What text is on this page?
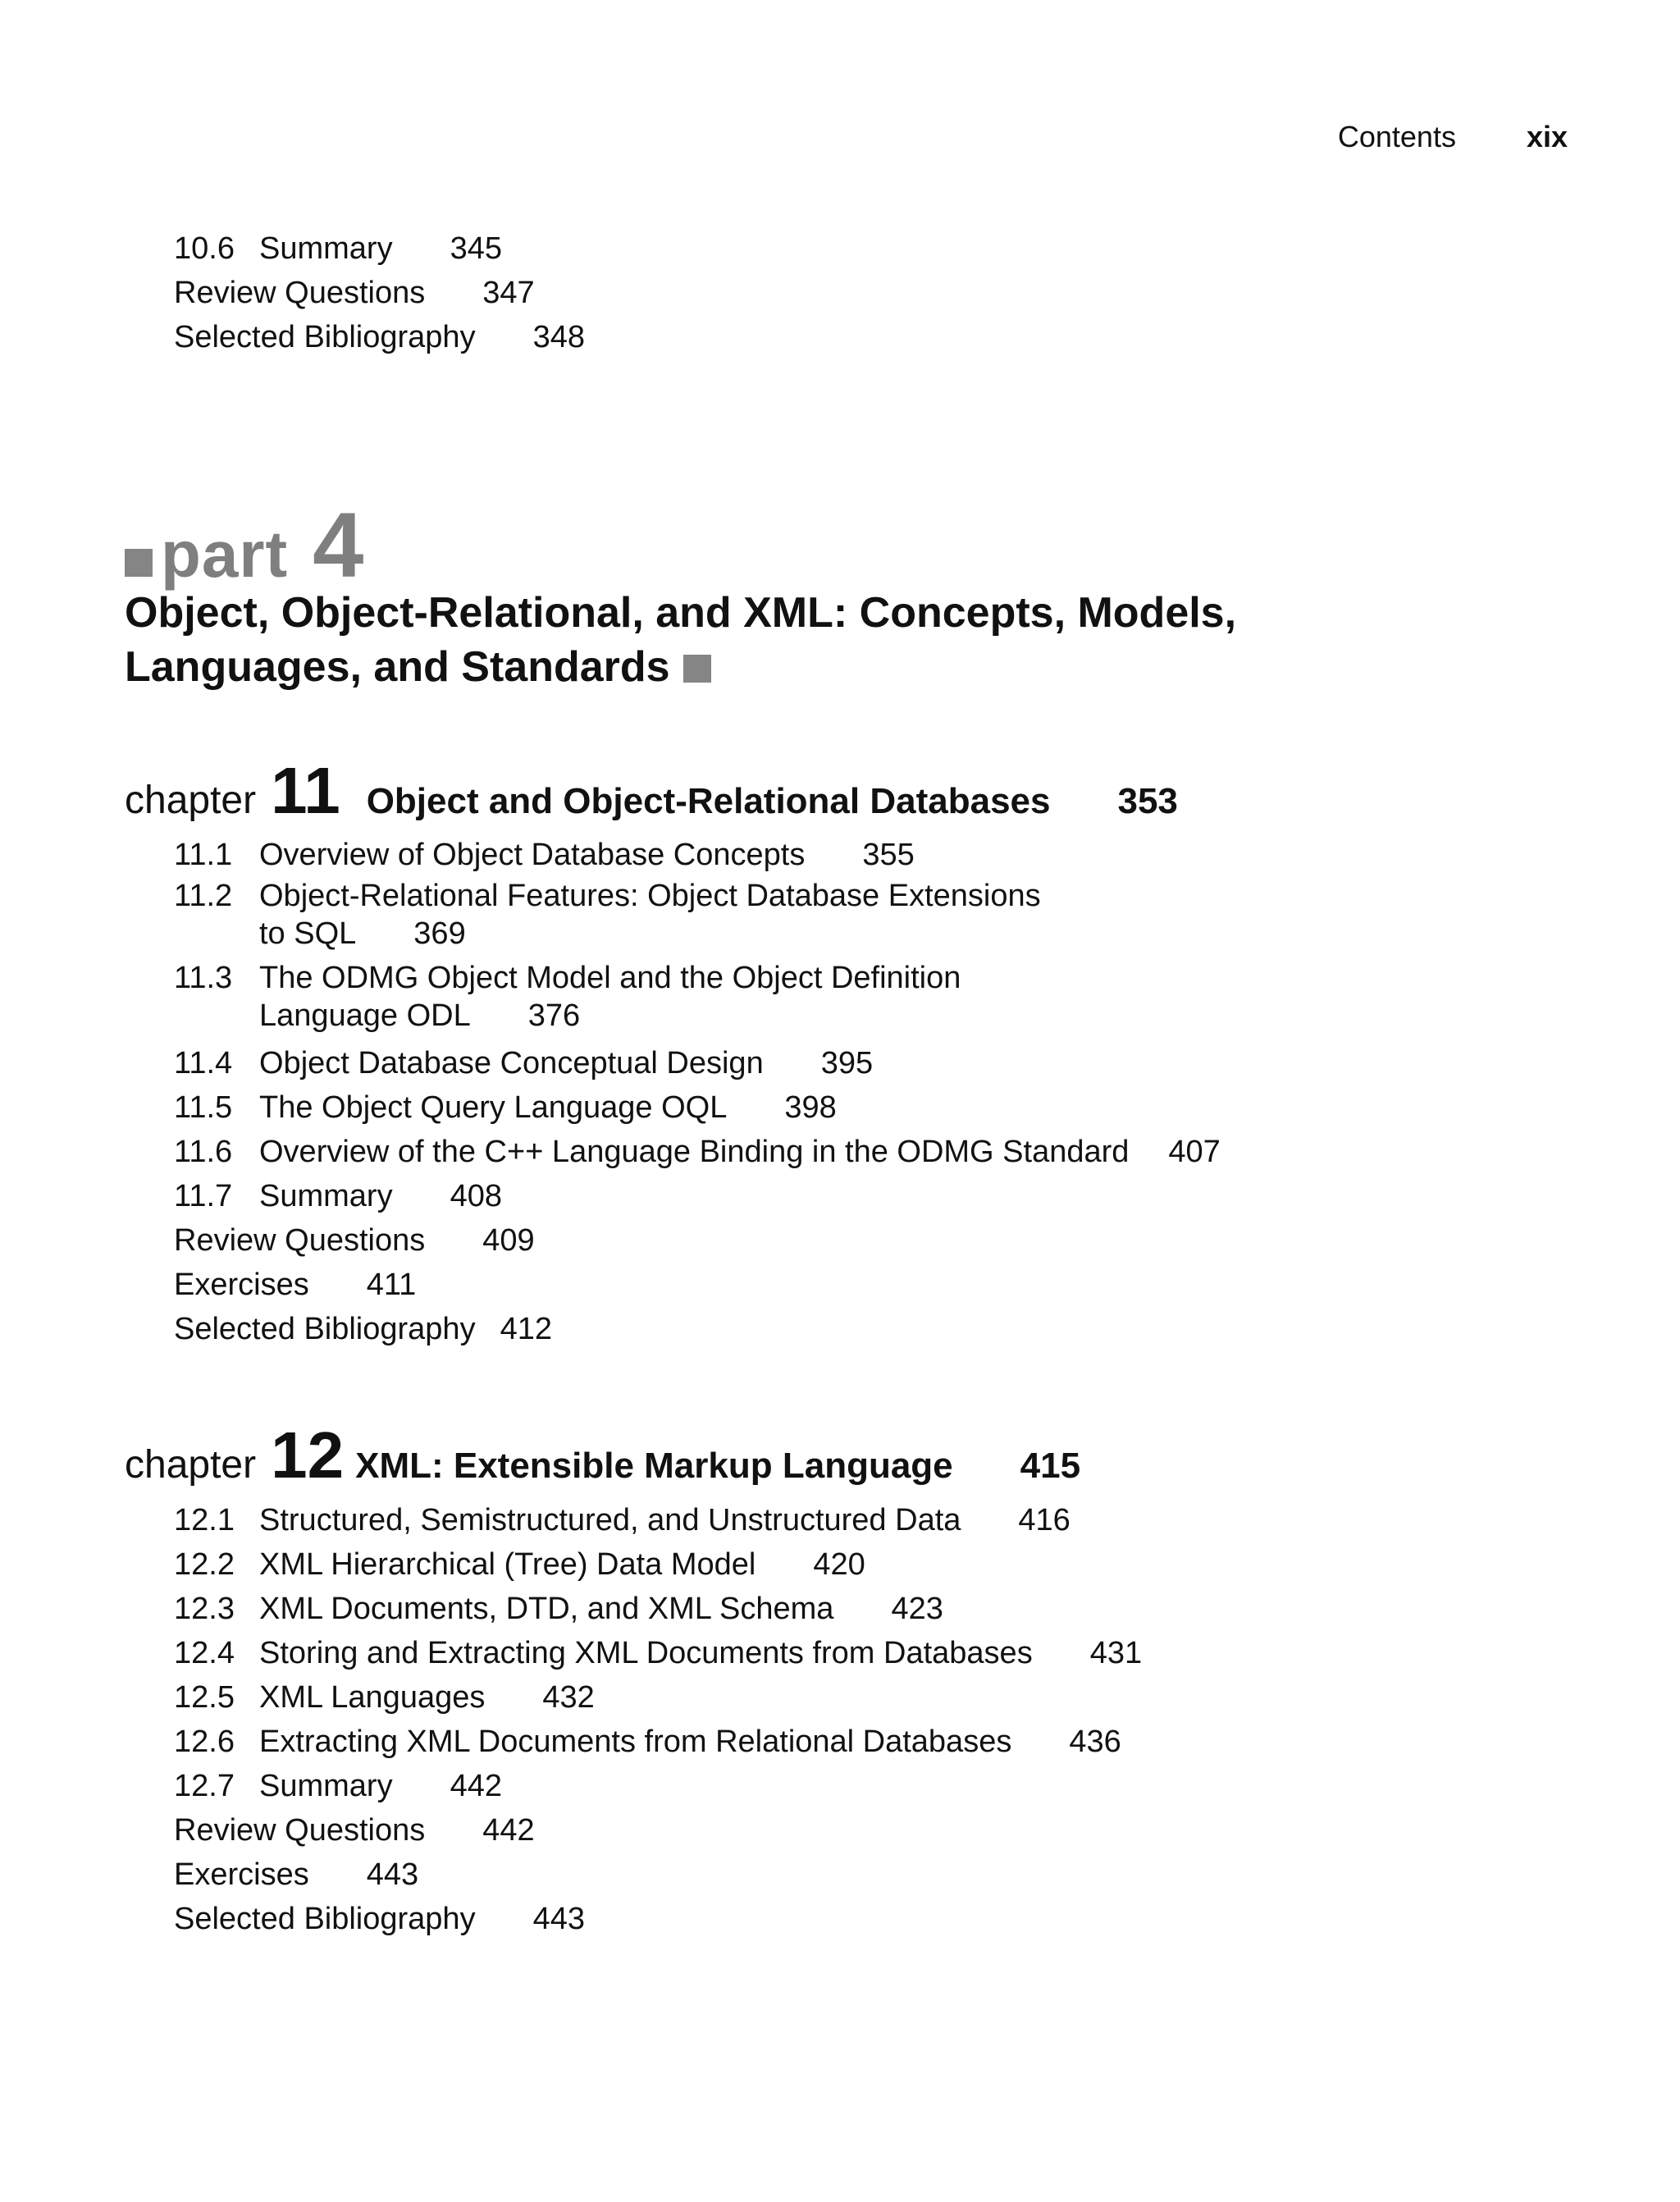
Contents xix
10.6 Summary 345
Review Questions 347
Selected Bibliography 348
part 4
Object, Object-Relational, and XML: Concepts, Models,
Languages, and Standards
chapter 11 Object and Object-Relational Databases 353
11.1 Overview of Object Database Concepts 355
11.2 Object-Relational Features: Object Database Extensions
to SQL 369
11.3 The ODMG Object Model and the Object Definition
Language ODL 376
11.4 Object Database Conceptual Design 395
11.5 The Object Query Language OQL 398
11.6 Overview of the C++ Language Binding in the ODMG Standard 407
11.7 Summary 408
Review Questions 409
Exercises 411
Selected Bibliography 412
chapter 12 XML: Extensible Markup Language 415
12.1 Structured, Semistructured, and Unstructured Data 416
12.2 XML Hierarchical (Tree) Data Model 420
12.3 XML Documents, DTD, and XML Schema 423
12.4 Storing and Extracting XML Documents from Databases 431
12.5 XML Languages 432
12.6 Extracting XML Documents from Relational Databases 436
12.7 Summary 442
Review Questions 442
Exercises 443
Selected Bibliography 443
